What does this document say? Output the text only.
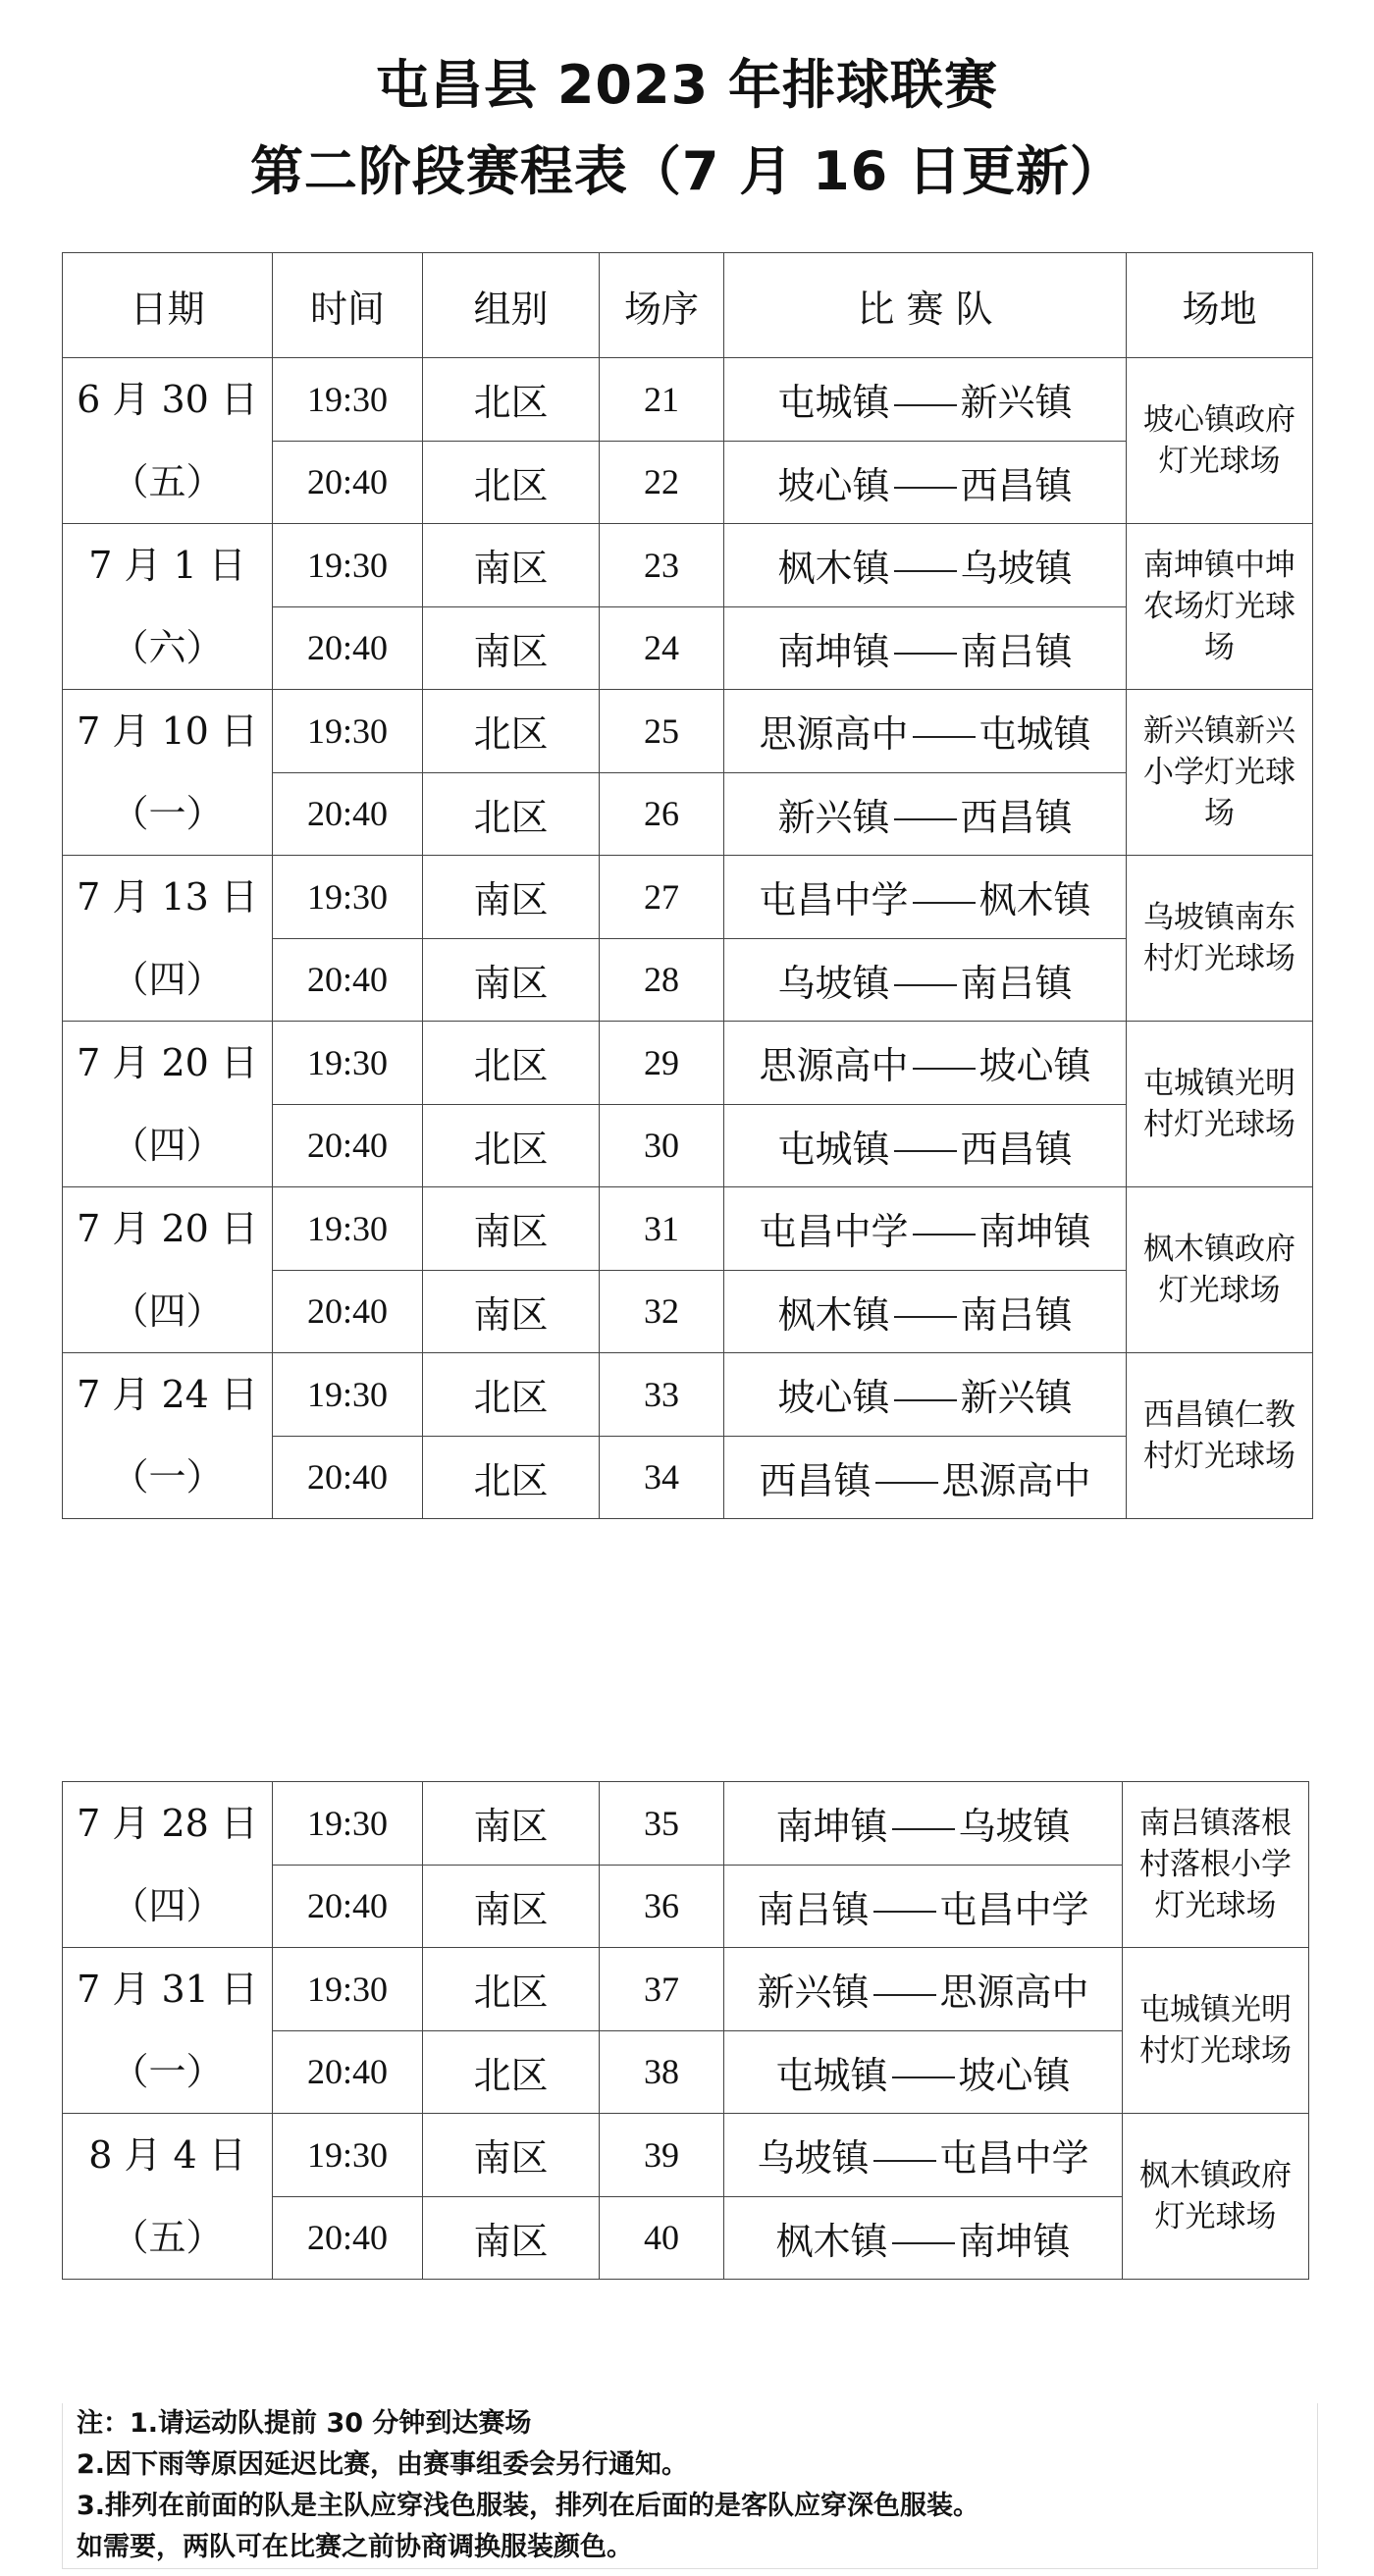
屯昌县 2023 年排球联赛
第二阶段赛程表（7 月 16 日更新）
日期	时间	组别	场序	比 赛 队	场地

6 月 30 日
（五）	19:30	北区	21	屯城镇 新兴镇	坡心镇政府灯光球场
	20:40	北区	22	坡心镇 西昌镇	

7 月 1 日
（六）	19:30	南区	23	枫木镇 乌坡镇	南坤镇中坤农场灯光球场
	20:40	南区	24	南坤镇 南吕镇	

7 月 10 日
（一）	19:30	北区	25	思源高中 屯城镇	新兴镇新兴小学灯光球场
	20:40	北区	26	新兴镇 西昌镇	

7 月 13 日
（四）	19:30	南区	27	屯昌中学 枫木镇	乌坡镇南东村灯光球场
	20:40	南区	28	乌坡镇 南吕镇	

7 月 20 日
（四）	19:30	北区	29	思源高中 坡心镇	屯城镇光明村灯光球场
	20:40	北区	30	屯城镇 西昌镇	

7 月 20 日
（四）	19:30	南区	31	屯昌中学 南坤镇	枫木镇政府灯光球场
	20:40	南区	32	枫木镇 南吕镇	

7 月 24 日
（一）	19:30	北区	33	坡心镇 新兴镇	西昌镇仁教村灯光球场
	20:40	北区	34	西昌镇 思源高中	
7 月 28 日
（四）	19:30	南区	35	南坤镇 乌坡镇	南吕镇落根村落根小学灯光球场
	20:40	南区	36	南吕镇 屯昌中学	

7 月 31 日
（一）	19:30	北区	37	新兴镇 思源高中	屯城镇光明村灯光球场
	20:40	北区	38	屯城镇 坡心镇	

8 月 4 日
（五）	19:30	南区	39	乌坡镇 屯昌中学	枫木镇政府灯光球场
	20:40	南区	40	枫木镇 南坤镇	
注：1.请运动队提前 30 分钟到达赛场
2.因下雨等原因延迟比赛，由赛事组委会另行通知。
3.排列在前面的队是主队应穿浅色服装，排列在后面的是客队应穿深色服装。
如需要，两队可在比赛之前协商调换服装颜色。
